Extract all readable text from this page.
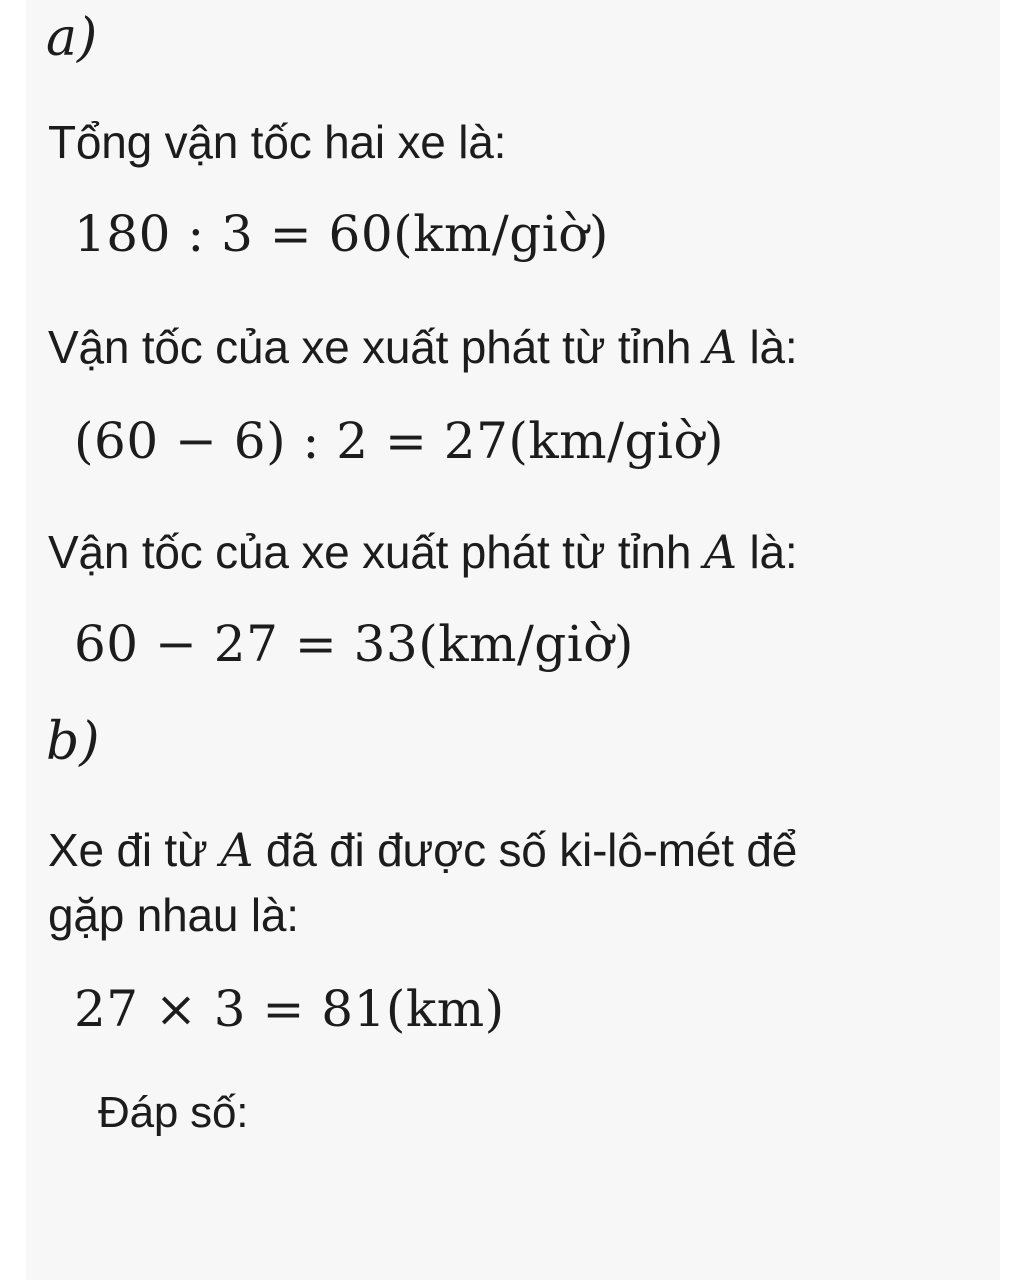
a)
Tổng vận tốc hai xe là:
180 : 3 = 60(km/giờ)
Vận tốc của xe xuất phát từ tỉnh A là:
(60 − 6) : 2 = 27(km/giờ)
Vận tốc của xe xuất phát từ tỉnh A là:
60 − 27 = 33(km/giờ)
b)
Xe đi từ A đã đi được số ki-lô-mét để
gặp nhau là:
27 × 3 = 81(km)
Đáp số:
